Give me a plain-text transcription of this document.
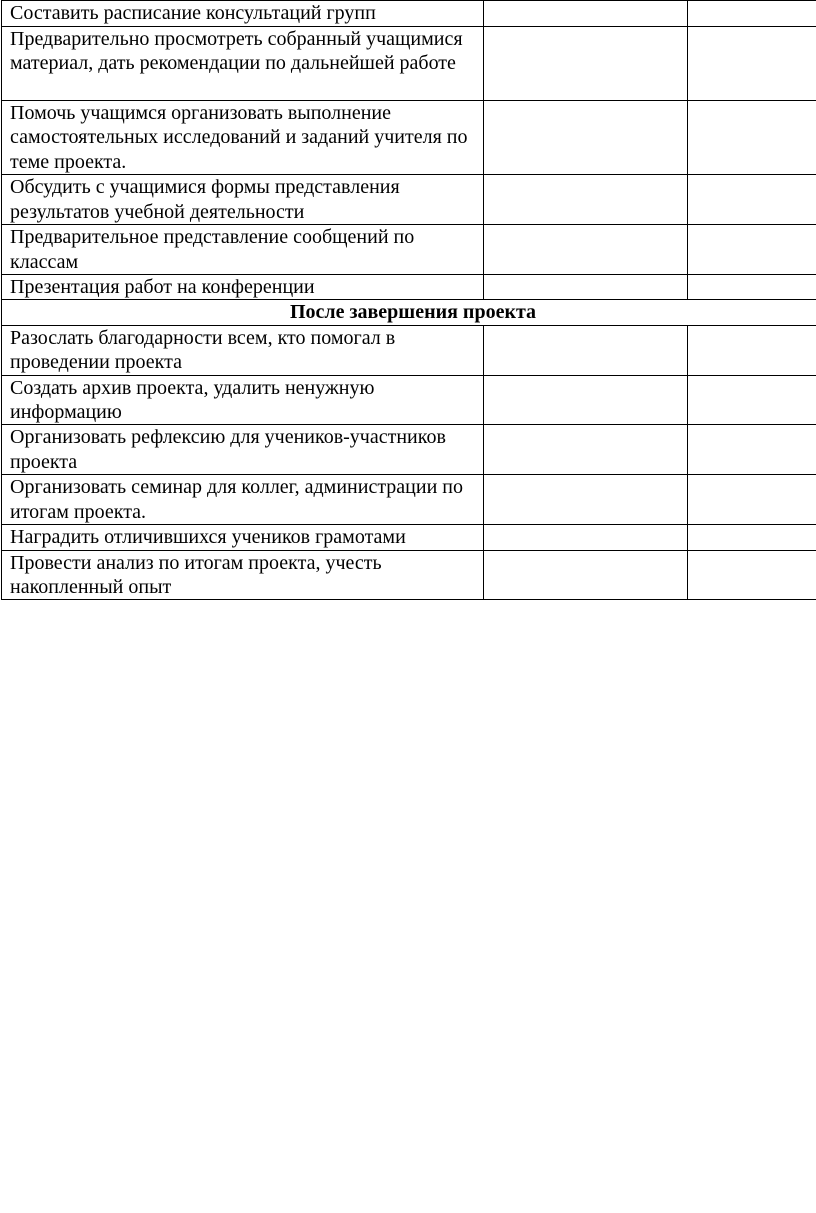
Составить расписание консультаций групп		
Предварительно просмотреть собранный учащимися материал, дать рекомендации по дальнейшей работе		
Помочь учащимся организовать выполнение самостоятельных исследований и заданий учителя по теме проекта.		
Обсудить с учащимися формы представления результатов учебной деятельности		
Предварительное представление сообщений по классам		
Презентация работ на конференции		
После завершения проекта		
Разослать благодарности всем, кто помогал в проведении проекта		
Создать архив проекта, удалить ненужную информацию		
Организовать рефлексию для учеников-участников проекта		
Организовать семинар для коллег, администрации по итогам проекта.		
Наградить отличившихся учеников грамотами		
Провести анализ по итогам проекта, учесть накопленный опыт		
